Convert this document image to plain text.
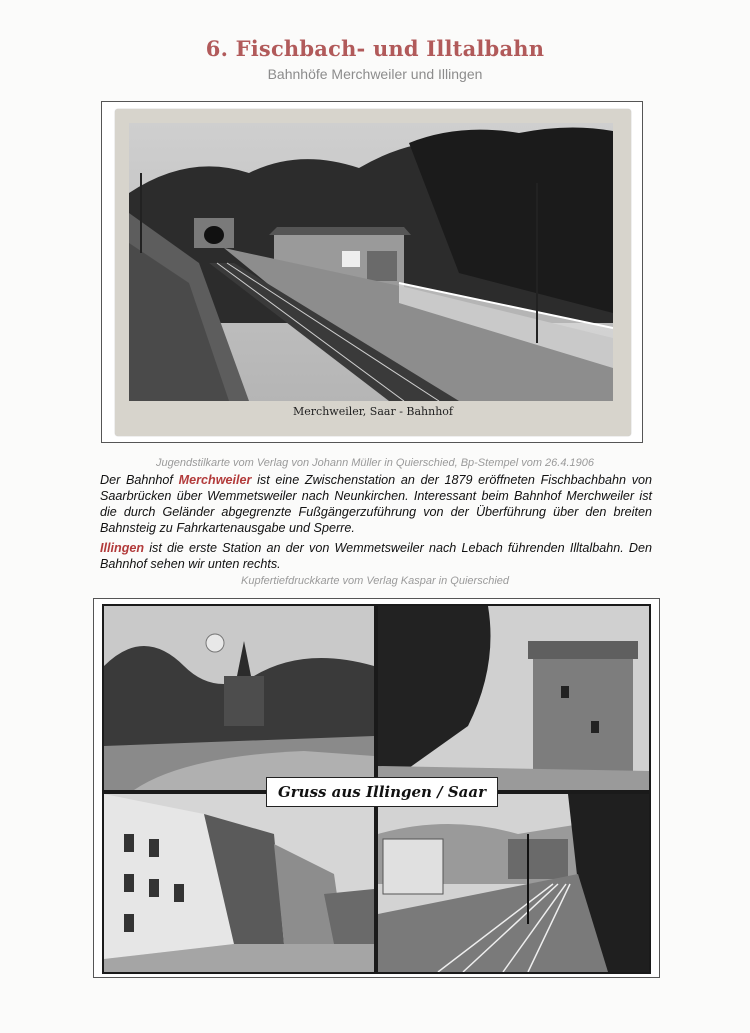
6. Fischbach- und Illtalbahn
Bahnhöfe Merchweiler und Illingen
Merchweiler, Saar - Bahnhof
Jugendstilkarte vom Verlag von Johann Müller in Quierschied, Bp-Stempel vom 26.4.1906

Der Bahnhof Merchweiler ist eine Zwischenstation an der 1879 eröffneten Fischbachbahn von Saarbrücken über Wemmetsweiler nach Neunkirchen. Interessant beim Bahnhof Merchweiler ist die durch Geländer abgegrenzte Fußgängerzuführung von der Überführung über den breiten Bahnsteig zu Fahrkartenausgabe und Sperre.

Illingen ist die erste Station an der von Wemmetsweiler nach Lebach führenden Illtalbahn. Den Bahnhof sehen wir unten rechts.

Kupfertiefdruckkarte vom Verlag Kaspar in Quierschied
Gruss aus Illingen / Saar
